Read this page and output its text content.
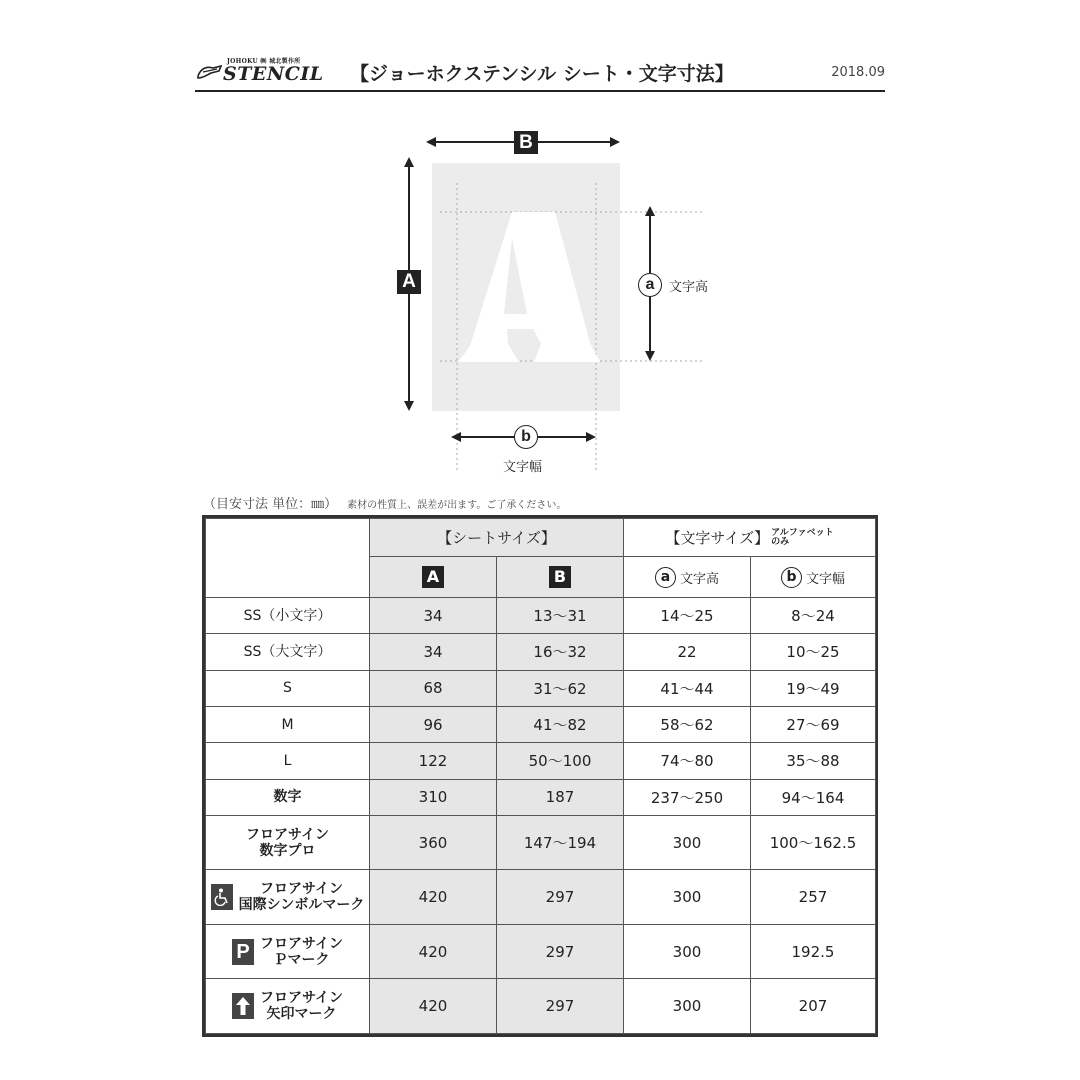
JOHOKU ㈱ 城北製作所
STENCIL 【ジョーホクステンシル シート・文字寸法】	2018.09
B
A	a	文字高
b
文字幅
（目安寸法 単位：㎜） 素材の性質上、誤差が出ます。ご了承ください。
	【シートサイズ】		【文字サイズ】 アルファベット
のみ	
	A	B	a 文字高	b 文字幅
SS（小文字）	34	13〜31	14〜25	8〜24
SS（大文字）	34	16〜32	22	10〜25
S	68	31〜62	41〜44	19〜49
M	96	41〜82	58〜62	27〜69
L	122	50〜100	74〜80	35〜88
数字	310	187	237〜250	94〜164
フロアサイン
数字プロ	360	147〜194	300	100〜162.5

フロアサイン
国際シンボルマーク	420	297	300	257

P フロアサイン
Ｐマーク	420	297	300	192.5

フロアサイン
矢印マーク	420	297	300	207
